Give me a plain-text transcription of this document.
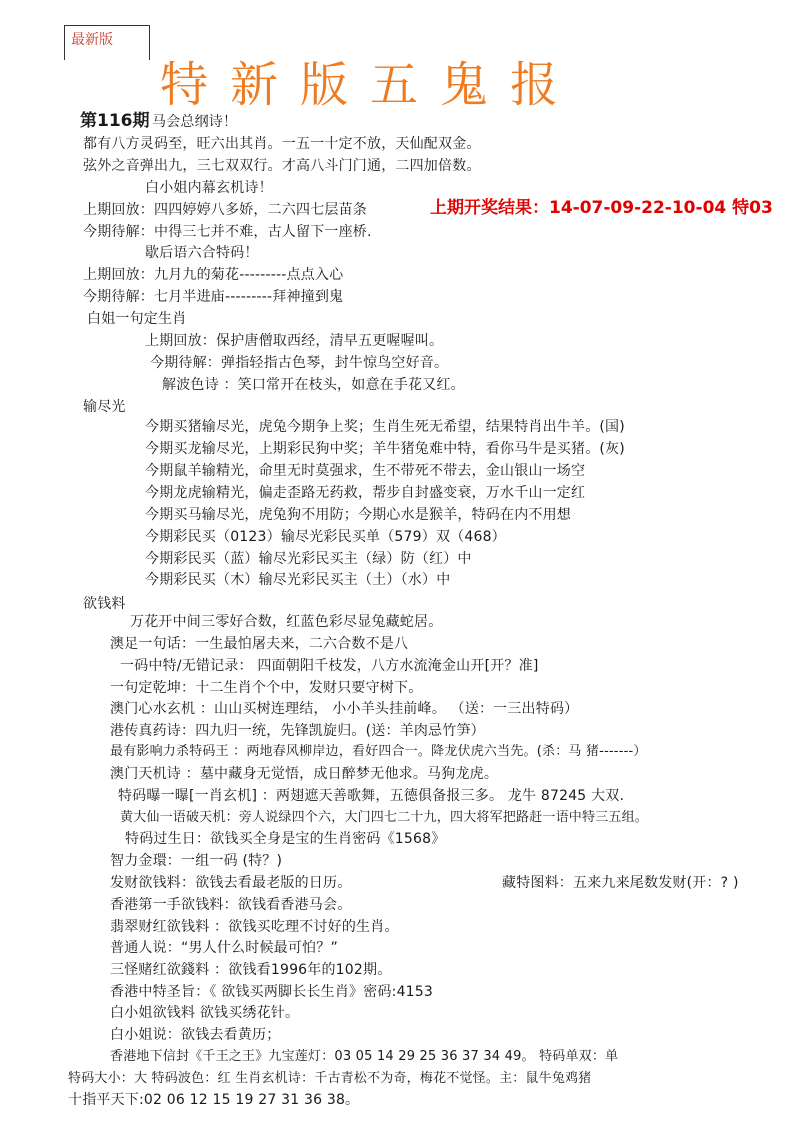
最新版
特新版五鬼报
第116期
上期开奖结果：14-07-09-22-10-04 特03
马会总纲诗！
都有八方灵码至，旺六出其肖。一五一十定不放，天仙配双金。
弦外之音弹出九，三七双双行。才高八斗门门通，二四加倍数。
白小姐内幕玄机诗！
上期回放：四四婷婷八多娇，二六四七层苗条
今期待解：中得三七并不难，古人留下一座桥.
歇后语六合特码！
上期回放：九月九的菊花---------点点入心
今期待解：七月半进庙---------拜神撞到鬼
白姐一句定生肖
上期回放：保护唐僧取西经，清早五更喔喔叫。
今期待解：弹指轻指古色琴，封牛惊鸟空好音。
解波色诗 ：笑口常开在枝头，如意在手花又红。
输尽光
今期买猪输尽光，虎兔今期争上奖；生肖生死无希望，结果特肖出牛羊。(国)
今期买龙输尽光，上期彩民狗中奖；羊牛猪兔难中特，看你马牛是买猪。(灰)
今期鼠羊输精光，命里无时莫强求，生不带死不带去，金山银山一场空
今期龙虎输精光，偏走歪路无药救，帮步自封盛变衰，万水千山一定红
今期买马输尽光，虎兔狗不用防；今期心水是猴羊，特码在内不用想
今期彩民买（0123）输尽光彩民买单（579）双（468）
今期彩民买（蓝）输尽光彩民买主（绿）防（红）中
今期彩民买（木）输尽光彩民买主（土）（水）中
欲钱料
万花开中间三零好合数，红蓝色彩尽显兔藏蛇居。
澳足一句话：一生最怕屠夫来，二六合数不是八
一码中特/无错记录： 四面朝阳千枝发，八方水流淹金山开[开？准]
一句定乾坤：十二生肖个个中，发财只要守树下。
澳门心水玄机 ：山山买树连理结， 小小羊头挂前峰。 （送：一三出特码）
港传真药诗：四九归一统，先锋凯旋归。(送：羊肉忌竹笋）
最有影响力杀特码王 ：两地春风柳岸边，看好四合一。降龙伏虎六当先。(杀：马 猪-------）
澳门天机诗 ：墓中藏身无觉悟，成日醉梦无他求。马狗龙虎。
特码曝一曝[一肖玄机] ：两翅遮天善歌舞，五德俱备报三多。 龙牛 87245 大双.
黄大仙一语破天机：旁人说绿四个六，大门四七二十九，四大将军把路赶一语中特三五组。
特码过生日：欲钱买全身是宝的生肖密码《1568》
智力金環：一组一码 (特？)
发财欲钱料：欲钱去看最老版的日历。	藏特图料：五来九来尾数发财(开：? )
香港第一手欲钱料：欲钱看香港马会。
翡翠财红欲钱料 ：欲钱买吃理不讨好的生肖。
普通人说：“男人什么时候最可怕？”
三怪赌红欲錢料 ：欲钱看1996年的102期。
香港中特圣旨：《 欲钱买两脚长长生肖》密码:4153
白小姐欲钱料 欲钱买绣花针。
白小姐说：欲钱去看黄历；
香港地下信封《千王之王》九宝莲灯：03 05 14 29 25 36 37 34 49。 特码单双：单
特码大小：大 特码波色：红 生肖玄机诗：千古青松不为奇，梅花不觉怪。主：鼠牛兔鸡猪
十指平天下:02 06 12 15 19 27 31 36 38。
